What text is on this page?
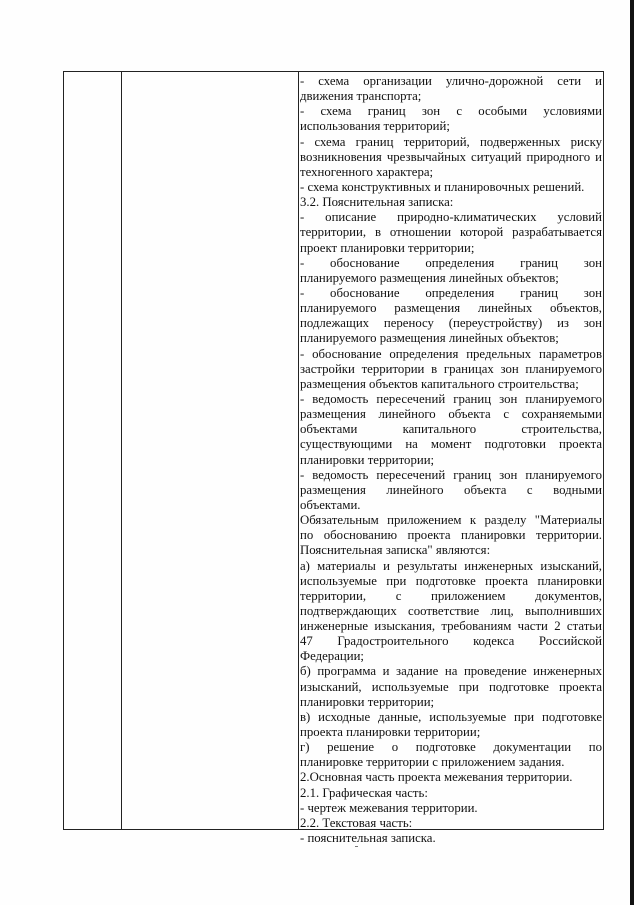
- схема организации улично-дорожной сети и
движения транспорта;
- схема границ зон с особыми условиями
использования территорий;
- схема границ территорий, подверженных риску
возникновения чрезвычайных ситуаций природного и
техногенного характера;
- схема конструктивных и планировочных решений.
3.2. Пояснительная записка:
- описание природно-климатических условий
территории, в отношении которой разрабатывается
проект планировки территории;
- обоснование определения границ зон
планируемого размещения линейных объектов;
- обоснование определения границ зон
планируемого размещения линейных объектов,
подлежащих переносу (переустройству) из зон
планируемого размещения линейных объектов;
- обоснование определения предельных параметров
застройки территории в границах зон планируемого
размещения объектов капитального строительства;
- ведомость пересечений границ зон планируемого
размещения линейного объекта с сохраняемыми
объектами капитального строительства,
существующими на момент подготовки проекта
планировки территории;
- ведомость пересечений границ зон планируемого
размещения линейного объекта с водными
объектами.
Обязательным приложением к разделу "Материалы
по обоснованию проекта планировки территории.
Пояснительная записка" являются:
а) материалы и результаты инженерных изысканий,
используемые при подготовке проекта планировки
территории, с приложением документов,
подтверждающих соответствие лиц, выполнивших
инженерные изыскания, требованиям части 2 статьи
47 Градостроительного кодекса Российской
Федерации;
б) программа и задание на проведение инженерных
изысканий, используемые при подготовке проекта
планировки территории;
в) исходные данные, используемые при подготовке
проекта планировки территории;
г) решение о подготовке документации по
планировке территории с приложением задания.
2.Основная часть проекта межевания территории.
2.1. Графическая часть:
- чертеж межевания территории.
2.2. Текстовая часть:
- пояснительная записка.
